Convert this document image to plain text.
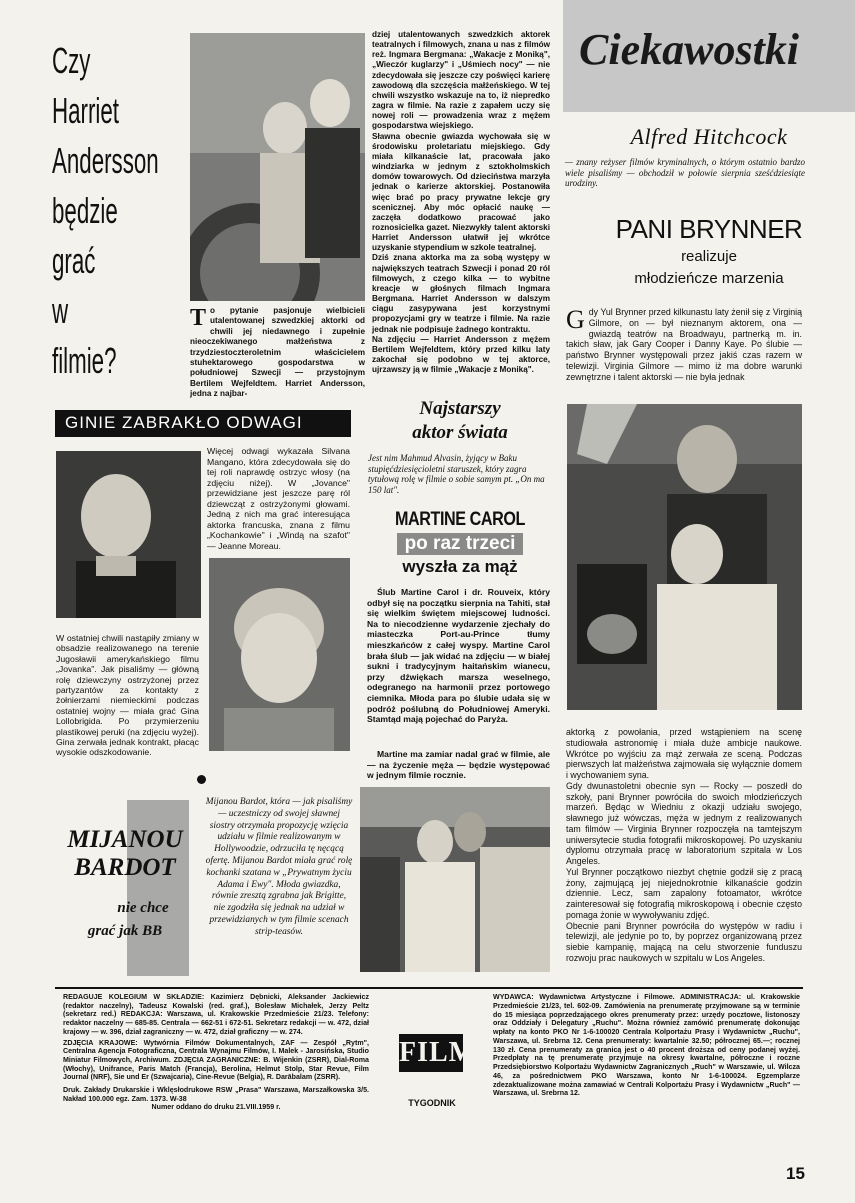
Czy
Harriet
Andersson
będzie
grać
w
filmie?
To pytanie pasjonuje wielbicieli utalentowanej szwedzkiej aktorki od chwili jej niedawnego i zupełnie nieoczekiwanego małżeństwa z trzydziestoczteroletnim właścicielem stuhektarowego gospodarstwa w południowej Szwecji — przystojnym Bertilem Wejfeldtem. Harriet Andersson, jedna z najbar-
dziej utalentowanych szwedzkich aktorek teatralnych i filmowych, znana u nas z filmów reż. Ingmara Bergmana: „Wakacje z Moniką", „Wieczór kuglarzy" i „Uśmiech nocy" — nie zdecydowała się jeszcze czy poświęci karierę zawodową dla szczęścia małżeńskiego. W tej chwili wszystko wskazuje na to, iż niepredko zagra w filmie. Na razie z zapałem uczy się nowej roli — prowadzenia wraz z mężem gospodarstwa wiejskiego.
Sławna obecnie gwiazda wychowała się w środowisku proletariatu miejskiego. Gdy miała kilkanaście lat, pracowała jako windziarka w jednym z sztokholmskich domów towarowych. Od dzieciństwa marzyła jednak o karierze aktorskiej. Postanowiła więc brać po pracy prywatne lekcje gry scenicznej. Aby móc opłacić naukę — zaczęła dodatkowo pracować jako roznosicielka gazet. Niezwykły talent aktorski Harriet Andersson ułatwił jej wkrótce uzyskanie stypendium w szkole teatralnej.
Dziś znana aktorka ma za sobą występy w największych teatrach Szwecji i ponad 20 ról filmowych, z czego kilka — to wybitne kreacje w głośnych filmach Ingmara Bergmana. Harriet Andersson w dalszym ciągu zasypywana jest korzystnymi propozycjami gry w teatrze i filmie. Na razie jednak nie podpisuje żadnego kontraktu.
Na zdjęciu — Harriet Andersson z mężem Bertilem Wejfeldtem, który przed kilku laty zakochał się podobno w tej aktorce, ujrzawszy ją w filmie „Wakacje z Moniką".
Ciekawostki
Alfred Hitchcock
— znany reżyser filmów kryminalnych, o którym ostatnio bardzo wiele pisaliśmy — obchodził w połowie sierpnia sześćdziesiąte urodziny.
PANI BRYNNER
realizuje
młodzieńcze marzenia
Gdy Yul Brynner przed kilkunastu laty żenił się z Virginią Gilmore, on — był nieznanym aktorem, ona — gwiazdą teatrów na Broadwayu, partnerką m. in. takich sław, jak Gary Cooper i Danny Kaye. Po ślubie — państwo Brynner występowali przez jakiś czas razem w telewizji. Virginia Gilmore — mimo iż ma dobre warunki zewnętrzne i talent aktorski — nie była jednak
aktorką z powołania, przed wstąpieniem na scenę studiowała astronomię i miała duże ambicje naukowe. Wkrótce po wyjściu za mąż zerwała ze sceną. Podczas pierwszych lat małżeństwa zajmowała się wyłącznie domem i wychowaniem syna.
Gdy dwunastoletni obecnie syn — Rocky — poszedł do szkoły, pani Brynner powróciła do swoich młodzieńczych marzeń. Będąc w Wiedniu z okazji udziału swojego, sławnego już wówczas, męża w jednym z realizowanych tam filmów — Virginia Brynner rozpoczęła na tamtejszym uniwersytecie studia fotografii mikroskopowej. Po uzyskaniu dyplomu otrzymała pracę w laboratorium szpitala w Los Angeles.
Yul Brynner początkowo niezbyt chętnie godził się z pracą żony, zajmującą jej niejednokrotnie kilkanaście godzin dziennie. Lecz, sam zapalony fotoamator, wkrótce zainteresował się fotografią mikroskopową i obecnie często pomaga żonie w wywoływaniu zdjęć.
Obecnie pani Brynner powróciła do występów w radiu i telewizji, ale jedynie po to, by poprzez organizowaną przez siebie kampanię, mającą na celu stworzenie funduszu rozwoju prac naukowych w szpitalu w Los Angeles.
GINIE ZABRAKŁO ODWAGI
Więcej odwagi wykazała Silvana Mangano, która zdecydowała się do tej roli naprawdę ostrzyc włosy (na zdjęciu niżej). W „Jovance" przewidziane jest jeszcze parę ról dziewcząt z ostrzyżonymi głowami. Jedną z nich ma grać interesująca aktorka francuska, znana z filmu „Kochankowie" i „Windą na szafot" — Jeanne Moreau.
W ostatniej chwili nastąpiły zmiany w obsadzie realizowanego na terenie Jugosławii amerykańskiego filmu „Jovanka". Jak pisaliśmy — główną rolę dziewczyny ostrzyżonej przez partyzantów za kontakty z żołnierzami niemieckimi podczas ostatniej wojny — miała grać Gina Lollobrigida. Po przymierzeniu plastikowej peruki (na zdjęciu wyżej). Gina zerwała jednak kontrakt, płacąc wysokie odszkodowanie.
Najstarszy
aktor świata
Jest nim Mahmud Alvasin, żyjący w Baku stupięćdziesięcioletni staruszek, który zagra tytułową rolę w filmie o sobie samym pt. „On ma 150 lat".
MARTINE CAROL
po raz trzeci
wyszła za mąż
Ślub Martine Carol i dr. Rouveix, który odbył się na początku sierpnia na Tahiti, stał się wielkim świętem miejscowej ludności. Na to niecodzienne wydarzenie zjechały do miasteczka Port-au-Prince tłumy mieszkańców z całej wyspy. Martine Carol brała ślub — jak widać na zdjęciu — w białej sukni i tradycyjnym haitańskim wianecu, przy dźwiękach marsza weselnego, odegranego na harmonii przez portowego ciemnika. Młoda para po ślubie udała się w podróż poślubną do Południowej Ameryki. Stamtąd mają pojechać do Paryża.
Martine ma zamiar nadal grać w filmie, ale — na życzenie męża — będzie występować w jednym filmie rocznie.
MIJANOU
BARDOT
nie chce
grać jak BB
Mijanou Bardot, która — jak pisaliśmy — uczestniczy od swojej sławnej siostry otrzymała propozycję wzięcia udziału w filmie realizowanym w Hollywoodzie, odrzuciła tę nęcącą ofertę. Mijanou Bardot miała grać rolę kochanki szatana w „Prywatnym życiu Adama i Ewy". Młoda gwiazdka, równie zresztą zgrabna jak Brigitte, nie zgodziła się jednak na udział w przewidzianych w tym filmie scenach strip-teasów.
REDAGUJE KOLEGIUM W SKŁADZIE: Kazimierz Dębnicki, Aleksander Jackiewicz (redaktor naczelny), Tadeusz Kowalski (red. graf.), Bolesław Michałek, Jerzy Peltz (sekretarz red.) REDAKCJA: Warszawa, ul. Krakowskie Przedmieście 21/23. Telefony: redaktor naczelny — 685-85. Centrala — 662-51 i 672-51. Sekretarz redakcji — w. 472, dział krajowy — w. 396, dział zagraniczny — w. 472, dział graficzny — w. 274.
ZDJĘCIA KRAJOWE: Wytwórnia Filmów Dokumentalnych, ZAF — Zespół „Rytm", Centralna Agencja Fotograficzna, Centrala Wynajmu Filmów, I. Malek - Jarosińska, Studio Miniatur Filmowych, Archiwum. ZDJĘCIA ZAGRANICZNE: B. Wijenkin (ZSRR), Dial-Roma (Włochy), Unifrance, Paris Match (Francja), Berolina, Helmut Stolp, Star Revue, Film Journal (NRF), Sie und Er (Szwajcaria), Cine-Revue (Belgia), R. Darābalam (ZSRR).
Druk. Zakłady Drukarskie i Wklęsłodrukowe RSW „Prasa" Warszawa, Marszałkowska 3/5. Nakład 100.000 egz. Zam. 1373. W-38
Numer oddano do druku 21.VIII.1959 r.
FILM
TYGODNIK
WYDAWCA: Wydawnictwa Artystyczne i Filmowe. ADMINISTRACJA: ul. Krakowskie Przedmieście 21/23, tel. 602-09. Zamówienia na prenumeratę przyjmowane są w terminie do 15 miesiąca poprzedzającego okres prenumeraty przez: urzędy pocztowe, listonoszy oraz Oddziały i Delegatury „Ruchu". Można również zamówić prenumeratę dokonując wpłaty na konto PKO Nr 1-6-100020 Centrala Kolportażu Prasy i Wydawnictw „Ruchu", Warszawa, ul. Srebrna 12. Cena prenumeraty: kwartalnie 32.50; półrocznej 65.—; rocznej 130 zł. Cena prenumeraty za granicą jest o 40 procent droższa od ceny podanej wyżej. Przedpłaty na tę prenumeratę przyjmuje na okresy kwartalne, półroczne i roczne Przedsiębiorstwo Kolportażu Wydawnictw Zagranicznych „Ruch" w Warszawie, ul. Wilcza 46, za pośrednictwem PKO Warszawa, konto Nr 1-6-100024. Egzemplarze zdezaktualizowane można zamawiać w Centrali Kolportażu Prasy i Wydawnictw „Ruch" — Warszawa, ul. Srebrna 12.
15
